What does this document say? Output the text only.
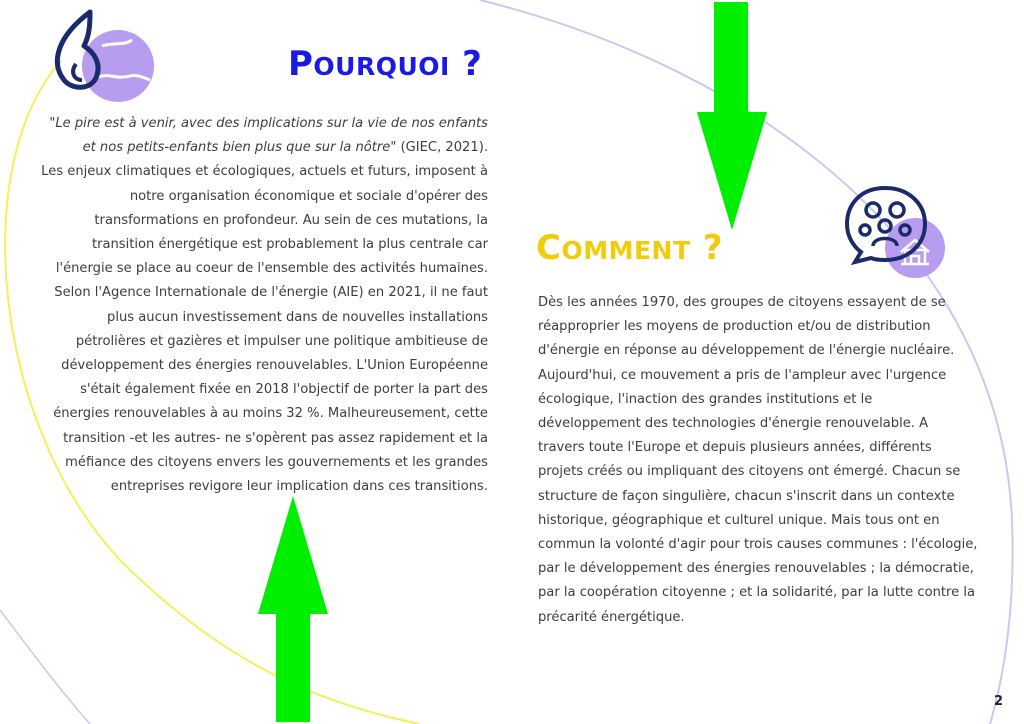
POURQUOI ?
COMMENT ?

"Le pire est à venir, avec des implications sur la vie de nos enfants et nos petits-enfants bien plus que sur la nôtre" (GIEC, 2021).
Les enjeux climatiques et écologiques, actuels et futurs, imposent à notre organisation économique et sociale d'opérer des transformations en profondeur. Au sein de ces mutations, la transition énergétique est probablement la plus centrale car l'énergie se place au coeur de l'ensemble des activités humaines. Selon l'Agence Internationale de l'énergie (AIE) en 2021, il ne faut plus aucun investissement dans de nouvelles installations pétrolières et gazières et impulser une politique ambitieuse de développement des énergies renouvelables. L'Union Européenne s'était également fixée en 2018 l'objectif de porter la part des énergies renouvelables à au moins 32 %. Malheureusement, cette transition -et les autres- ne s'opèrent pas assez rapidement et la méfiance des citoyens envers les gouvernements et les grandes entreprises revigore leur implication dans ces transitions.

Dès les années 1970, des groupes de citoyens essayent de se réapproprier les moyens de production et/ou de distribution d'énergie en réponse au développement de l'énergie nucléaire. Aujourd'hui, ce mouvement a pris de l'ampleur avec l'urgence écologique, l'inaction des grandes institutions et le développement des technologies d'énergie renouvelable. A travers toute l'Europe et depuis plusieurs années, différents projets créés ou impliquant des citoyens ont émergé. Chacun se structure de façon singulière, chacun s'inscrit dans un contexte historique, géographique et culturel unique. Mais tous ont en commun la volonté d'agir pour trois causes communes : l'écologie, par le développement des énergies renouvelables ; la démocratie, par la coopération citoyenne ; et la solidarité, par la lutte contre la précarité énergétique.

2
